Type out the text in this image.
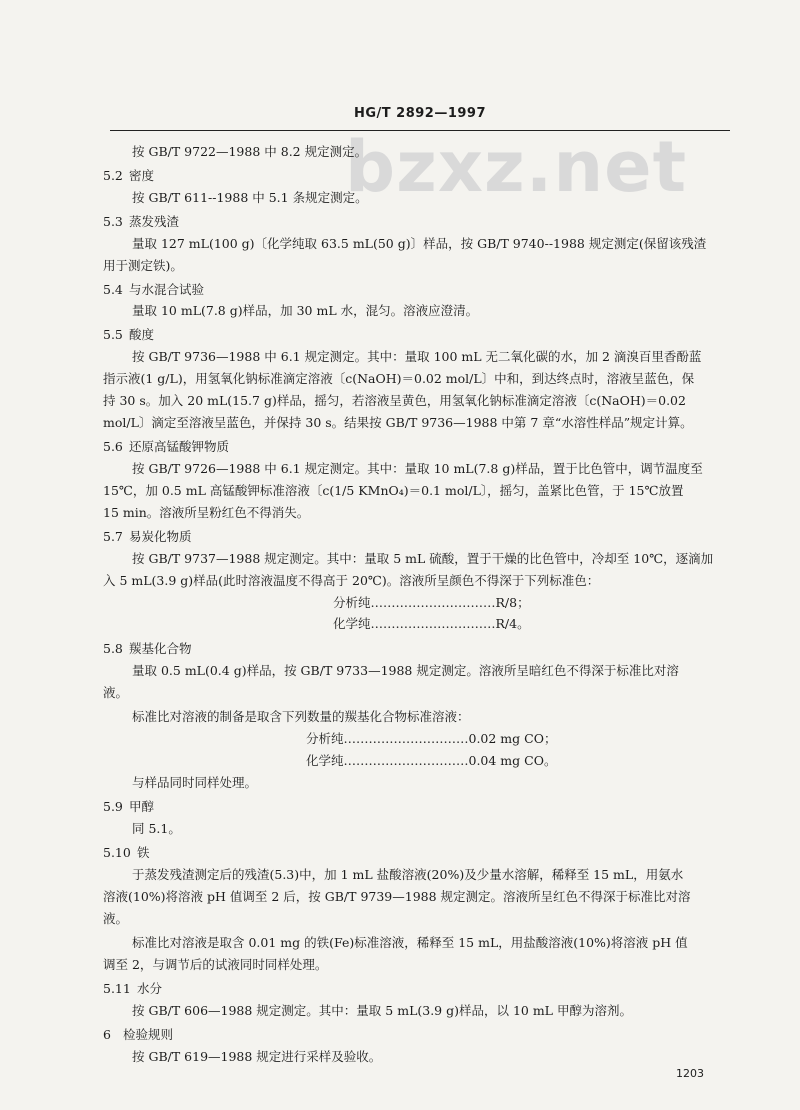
HG/T 2892—1997
bzxz.net
按 GB/T 9722—1988 中 8.2 规定测定。
5.2 密度
按 GB/T 611--1988 中 5.1 条规定测定。
5.3 蒸发残渣
量取 127 mL(100 g)〔化学纯取 63.5 mL(50 g)〕样品，按 GB/T 9740--1988 规定测定(保留该残渣
用于测定铁)。
5.4 与水混合试验
量取 10 mL(7.8 g)样品，加 30 mL 水，混匀。溶液应澄清。
5.5 酸度
按 GB/T 9736—1988 中 6.1 规定测定。其中：量取 100 mL 无二氧化碳的水，加 2 滴溴百里香酚蓝
指示液(1 g/L)，用氢氧化钠标准滴定溶液〔c(NaOH)＝0.02 mol/L〕中和，到达终点时，溶液呈蓝色，保
持 30 s。加入 20 mL(15.7 g)样品，摇匀，若溶液呈黄色，用氢氧化钠标准滴定溶液〔c(NaOH)＝0.02
mol/L〕滴定至溶液呈蓝色，并保持 30 s。结果按 GB/T 9736—1988 中第 7 章“水溶性样品”规定计算。
5.6 还原高锰酸钾物质
按 GB/T 9726—1988 中 6.1 规定测定。其中：量取 10 mL(7.8 g)样品，置于比色管中，调节温度至
15℃，加 0.5 mL 高锰酸钾标准溶液〔c(1/5 KMnO₄)＝0.1 mol/L〕，摇匀，盖紧比色管，于 15℃放置
15 min。溶液所呈粉红色不得消失。
5.7 易炭化物质
按 GB/T 9737—1988 规定测定。其中：量取 5 mL 硫酸，置于干燥的比色管中，冷却至 10℃，逐滴加
入 5 mL(3.9 g)样品(此时溶液温度不得高于 20℃)。溶液所呈颜色不得深于下列标准色：
分析纯…………………………R/8；
化学纯…………………………R/4。
5.8 羰基化合物
量取 0.5 mL(0.4 g)样品，按 GB/T 9733—1988 规定测定。溶液所呈暗红色不得深于标准比对溶
液。
标准比对溶液的制备是取含下列数量的羰基化合物标准溶液：
分析纯…………………………0.02 mg CO；
化学纯…………………………0.04 mg CO。
与样品同时同样处理。
5.9 甲醇
同 5.1。
5.10 铁
于蒸发残渣测定后的残渣(5.3)中，加 1 mL 盐酸溶液(20%)及少量水溶解，稀释至 15 mL，用氨水
溶液(10%)将溶液 pH 值调至 2 后，按 GB/T 9739—1988 规定测定。溶液所呈红色不得深于标准比对溶
液。
标准比对溶液是取含 0.01 mg 的铁(Fe)标准溶液，稀释至 15 mL，用盐酸溶液(10%)将溶液 pH 值
调至 2，与调节后的试液同时同样处理。
5.11 水分
按 GB/T 606—1988 规定测定。其中：量取 5 mL(3.9 g)样品，以 10 mL 甲醇为溶剂。
6 检验规则
按 GB/T 619—1988 规定进行采样及验收。
1203
